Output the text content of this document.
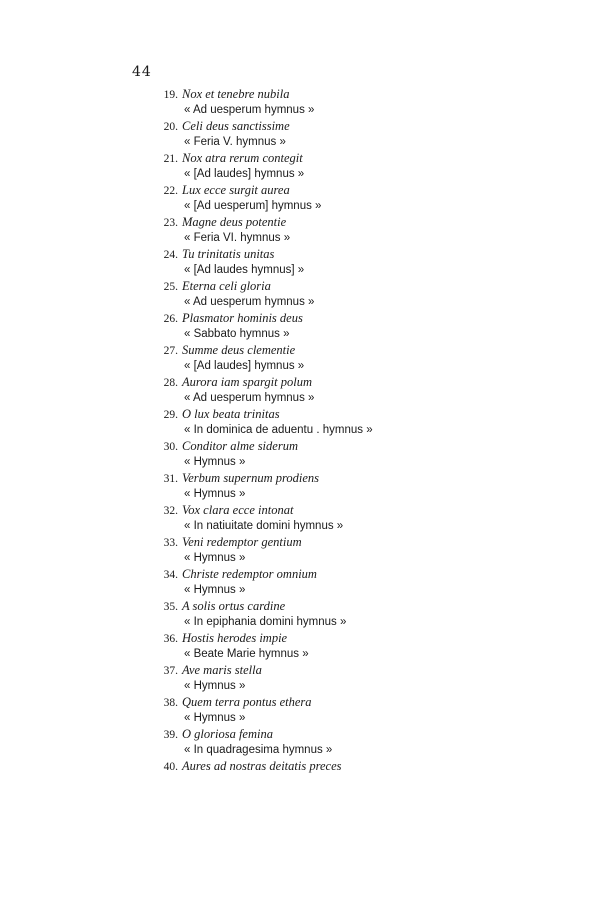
44
19. Nox et tenebre nubila
« Ad uesperum hymnus »
20. Celi deus sanctissime
« Feria V. hymnus »
21. Nox atra rerum contegit
« [Ad laudes] hymnus »
22. Lux ecce surgit aurea
« [Ad uesperum] hymnus »
23. Magne deus potentie
« Feria VI. hymnus »
24. Tu trinitatis unitas
« [Ad laudes hymnus] »
25. Eterna celi gloria
« Ad uesperum hymnus »
26. Plasmator hominis deus
« Sabbato hymnus »
27. Summe deus clementie
« [Ad laudes] hymnus »
28. Aurora iam spargit polum
« Ad uesperum hymnus »
29. O lux beata trinitas
« In dominica de aduentu . hymnus »
30. Conditor alme siderum
« Hymnus »
31. Verbum supernum prodiens
« Hymnus »
32. Vox clara ecce intonat
« In natiuitate domini hymnus »
33. Veni redemptor gentium
« Hymnus »
34. Christe redemptor omnium
« Hymnus »
35. A solis ortus cardine
« In epiphania domini hymnus »
36. Hostis herodes impie
« Beate Marie hymnus »
37. Ave maris stella
« Hymnus »
38. Quem terra pontus ethera
« Hymnus »
39. O gloriosa femina
« In quadragesima hymnus »
40. Aures ad nostras deitatis preces
